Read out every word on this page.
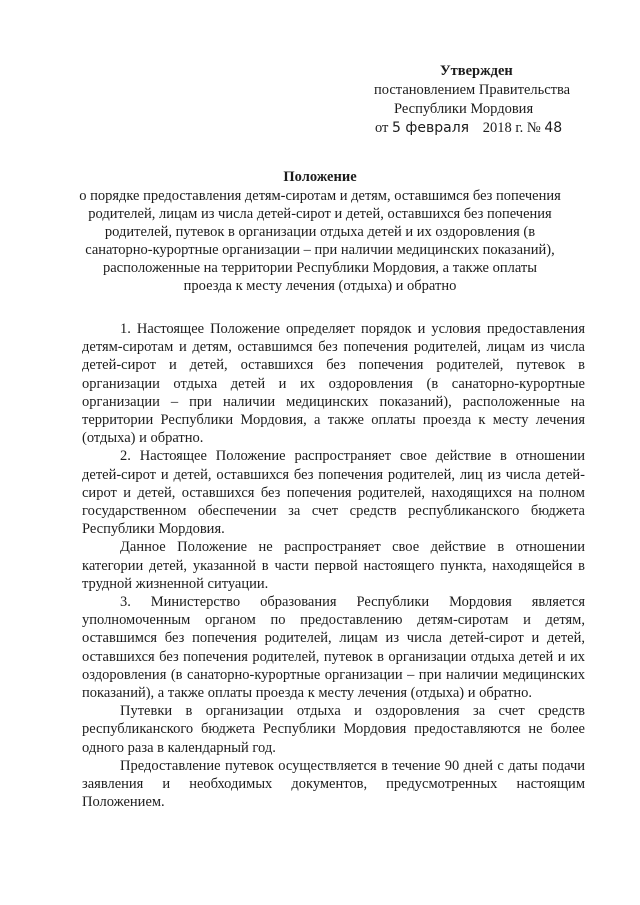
Утвержден
постановлением Правительства
Республики Мордовия
от 5 февраля 2018 г. № 48
Положение
о порядке предоставления детям-сиротам и детям, оставшимся без попечения
родителей, лицам из числа детей-сирот и детей, оставшихся без попечения
родителей, путевок в организации отдыха детей и их оздоровления (в
санаторно-курортные организации – при наличии медицинских показаний),
расположенные на территории Республики Мордовия, а также оплаты
проезда к месту лечения (отдыха) и обратно

1. Настоящее Положение определяет порядок и условия предоставления детям-сиротам и детям, оставшимся без попечения родителей, лицам из числа детей-сирот и детей, оставшихся без попечения родителей, путевок в организации отдыха детей и их оздоровления (в санаторно-курортные организации – при наличии медицинских показаний), расположенные на территории Республики Мордовия, а также оплаты проезда к месту лечения (отдыха) и обратно.

2. Настоящее Положение распространяет свое действие в отношении детей-сирот и детей, оставшихся без попечения родителей, лиц из числа детей-сирот и детей, оставшихся без попечения родителей, находящихся на полном государственном обеспечении за счет средств республиканского бюджета Республики Мордовия.

Данное Положение не распространяет свое действие в отношении категории детей, указанной в части первой настоящего пункта, находящейся в трудной жизненной ситуации.

3. Министерство образования Республики Мордовия является уполномоченным органом по предоставлению детям-сиротам и детям, оставшимся без попечения родителей, лицам из числа детей-сирот и детей, оставшихся без попечения родителей, путевок в организации отдыха детей и их оздоровления (в санаторно-курортные организации – при наличии медицинских показаний), а также оплаты проезда к месту лечения (отдыха) и обратно.

Путевки в организации отдыха и оздоровления за счет средств республиканского бюджета Республики Мордовия предоставляются не более одного раза в календарный год.

Предоставление путевок осуществляется в течение 90 дней с даты подачи заявления и необходимых документов, предусмотренных настоящим Положением.
